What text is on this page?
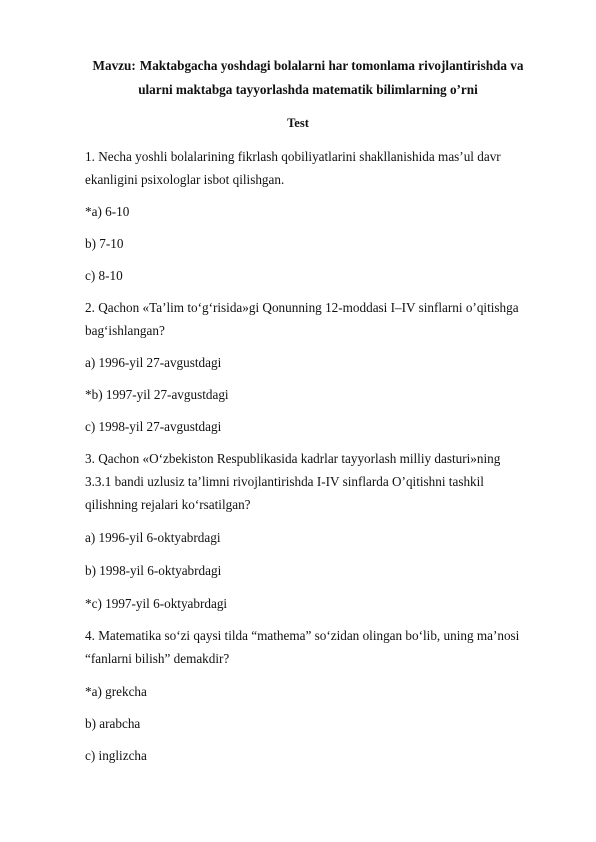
Mavzu: Maktabgacha yoshdagi bolalarni har tomonlama rivojlantirishda va
ularni maktabga tayyorlashda matematik bilimlarning o’rni
Test
1. Necha yoshli bolalarining fikrlash qobiliyatlarini shakllanishida mas’ul davr
ekanligini psixologlar isbot qilishgan.
*a) 6-10
b) 7-10
c) 8-10
2. Qachon «Ta’lim to‘g‘risida»gi Qonunning 12-moddasi I–IV sinflarni o’qitishga
bag‘ishlangan?
a) 1996-yil 27-avgustdagi
*b) 1997-yil 27-avgustdagi
c) 1998-yil 27-avgustdagi
3. Qachon «O‘zbekiston Respublikasida kadrlar tayyorlash milliy dasturi»ning
3.3.1 bandi uzlusiz ta’limni rivojlantirishda I-IV sinflarda O’qitishni tashkil
qilishning rejalari ko‘rsatilgan?
a) 1996-yil 6-oktyabrdagi
b) 1998-yil 6-oktyabrdagi
*c) 1997-yil 6-oktyabrdagi
4. Matematika so‘zi qaysi tilda “mathema” so‘zidan olingan bo‘lib, uning ma’nosi
“fanlarni bilish” demakdir?
*a) grekcha
b) arabcha
c) inglizcha
